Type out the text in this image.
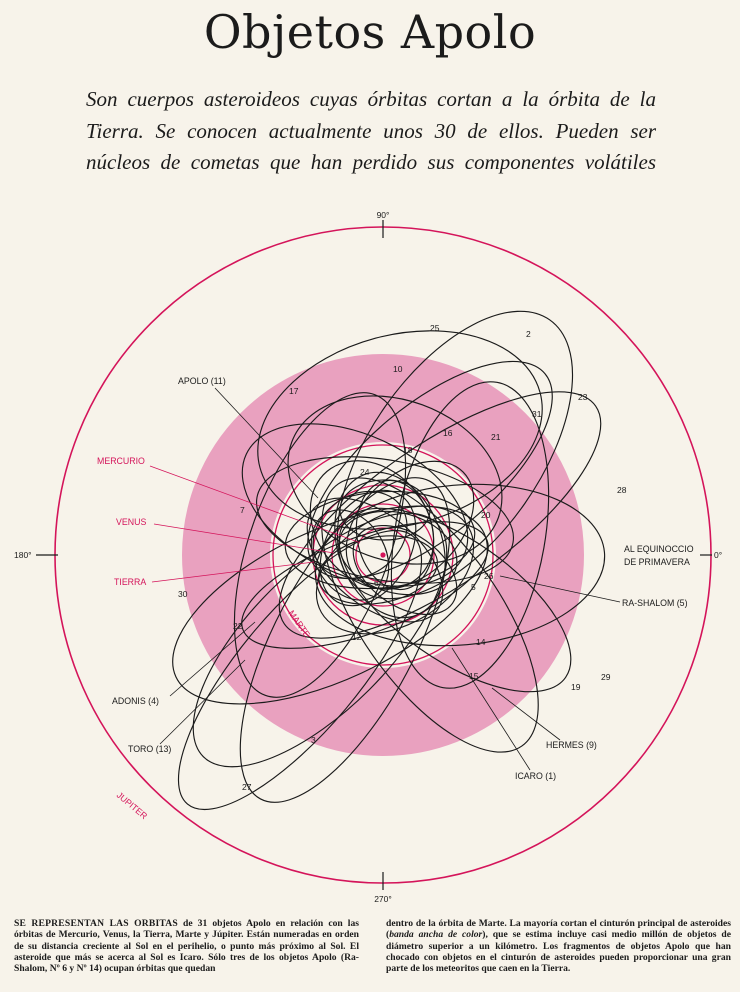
Objetos Apolo
Son cuerpos asteroideos cuyas órbitas cortan a la órbita de la Tierra. Se conocen actualmente unos 30 de ellos. Pueden ser núcleos de cometas que han perdido sus componentes volátiles
90°
270°
180°	0°
AL EQUINOCCIO
DE PRIMAVERA
MERCURIO
VENUS
TIERRA
MARTE
JUPITER
APOLO (11)
ADONIS (4)
TORO (13)
ICARO (1)
HERMES (9)
RA-SHALOM (5)
25
2
10
17
23
31
16	21
18
24
28
7	20
26
6	5
30
22
12	14
15
19
29
3
27
SE REPRESENTAN LAS ORBITAS de 31 objetos Apolo en relación con las órbitas de Mercurio, Venus, la Tierra, Marte y Júpiter. Están numeradas en orden de su distancia creciente al Sol en el perihelio, o punto más próximo al Sol. El asteroide que más se acerca al Sol es Icaro. Sólo tres de los objetos Apolo (Ra-Shalom, Nº 6 y Nº 14) ocupan órbitas que quedan
dentro de la órbita de Marte. La mayoría cortan el cinturón principal de asteroides (banda ancha de color), que se estima incluye casi medio millón de objetos de diámetro superior a un kilómetro. Los fragmentos de objetos Apolo que han chocado con objetos en el cinturón de asteroides pueden proporcionar una gran parte de los meteoritos que caen en la Tierra.
